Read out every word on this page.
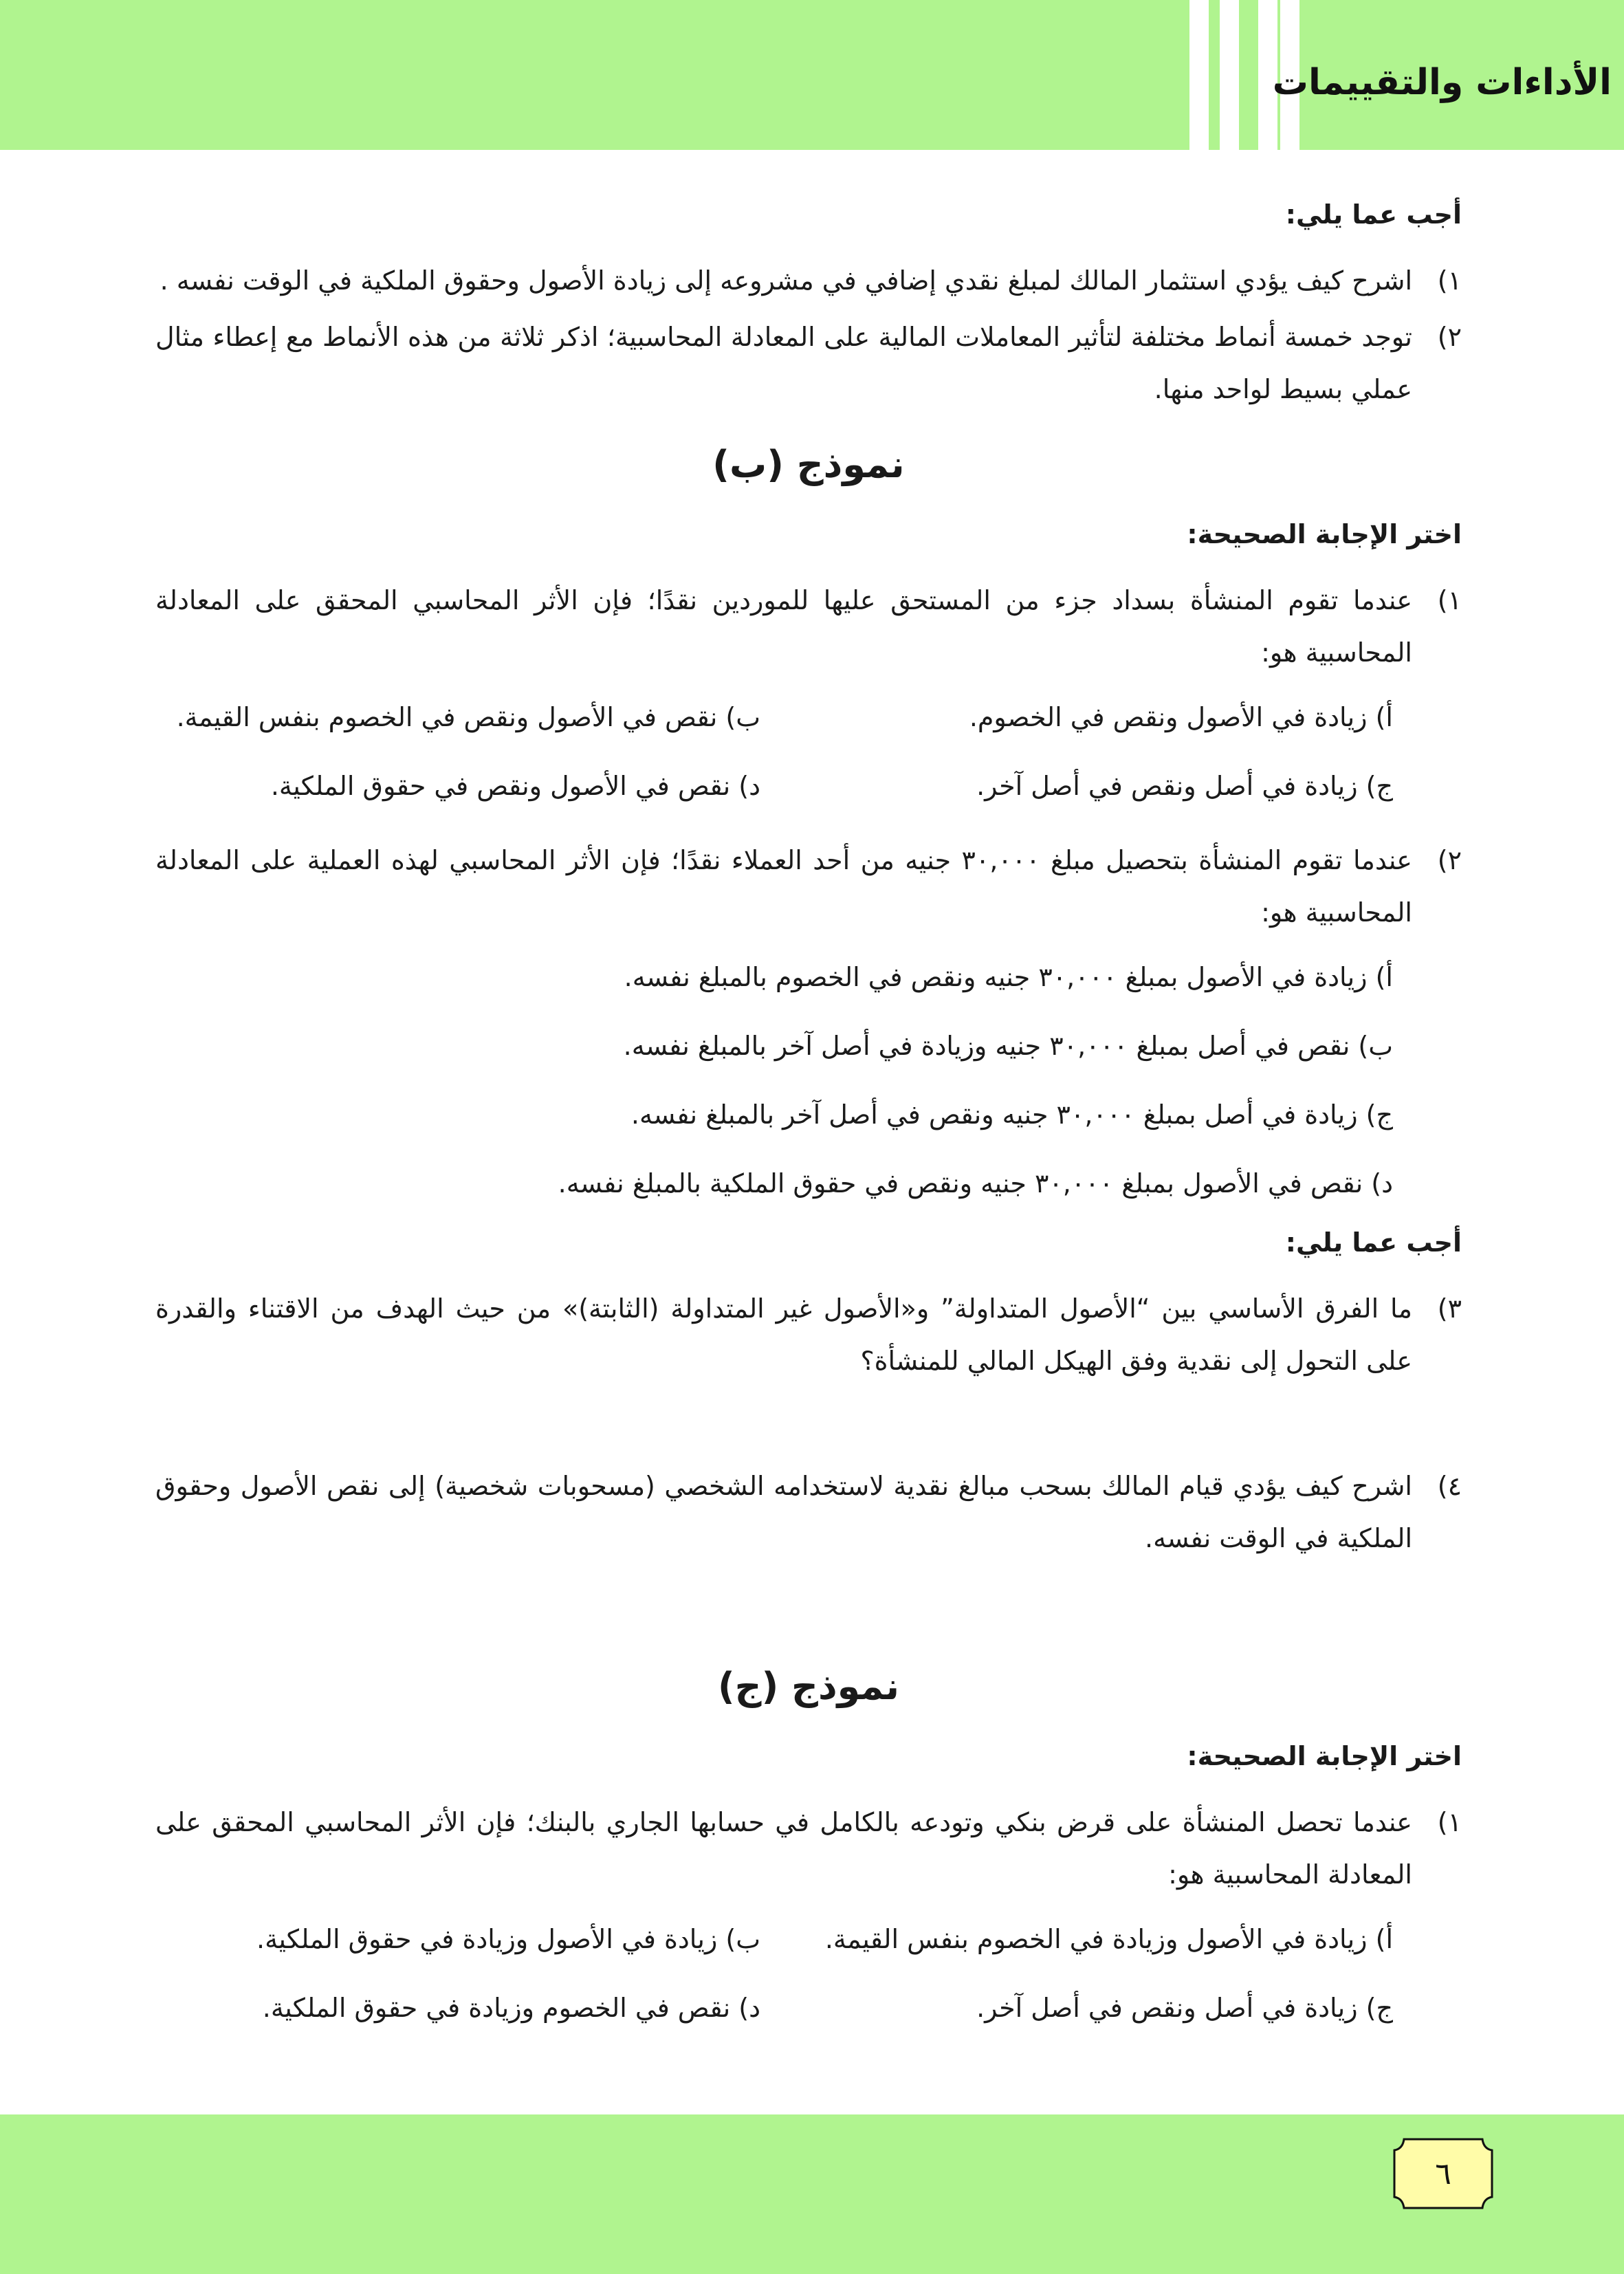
الأداءات والتقييمات
أجب عما يلي:
١)
اشرح كيف يؤدي استثمار المالك لمبلغ نقدي إضافي في مشروعه إلى زيادة الأصول وحقوق الملكية في الوقت نفسه .
٢)
توجد خمسة أنماط مختلفة لتأثير المعاملات المالية على المعادلة المحاسبية؛ اذكر ثلاثة من هذه الأنماط مع إعطاء مثال عملي بسيط لواحد منها.
نموذج (ب)
اختر الإجابة الصحيحة:
١)
عندما تقوم المنشأة بسداد جزء من المستحق عليها للموردين نقدًا؛ فإن الأثر المحاسبي المحقق على المعادلة المحاسبية هو:
أ) زيادة في الأصول ونقص في الخصوم.
ب) نقص في الأصول ونقص في الخصوم بنفس القيمة.
ج) زيادة في أصل ونقص في أصل آخر.
د) نقص في الأصول ونقص في حقوق الملكية.
٢)
عندما تقوم المنشأة بتحصيل مبلغ ٣٠,٠٠٠ جنيه من أحد العملاء نقدًا؛ فإن الأثر المحاسبي لهذه العملية على المعادلة المحاسبية هو:
أ) زيادة في الأصول بمبلغ ٣٠,٠٠٠ جنيه ونقص في الخصوم بالمبلغ نفسه.
ب) نقص في أصل بمبلغ ٣٠,٠٠٠ جنيه وزيادة في أصل آخر بالمبلغ نفسه.
ج) زيادة في أصل بمبلغ ٣٠,٠٠٠ جنيه ونقص في أصل آخر بالمبلغ نفسه.
د) نقص في الأصول بمبلغ ٣٠,٠٠٠ جنيه ونقص في حقوق الملكية بالمبلغ نفسه.
أجب عما يلي:
٣)
ما الفرق الأساسي بين “الأصول المتداولة” و«الأصول غير المتداولة (الثابتة)» من حيث الهدف من الاقتناء والقدرة على التحول إلى نقدية وفق الهيكل المالي للمنشأة؟
٤)
اشرح كيف يؤدي قيام المالك بسحب مبالغ نقدية لاستخدامه الشخصي (مسحوبات شخصية) إلى نقص الأصول وحقوق الملكية في الوقت نفسه.
نموذج (ج)
اختر الإجابة الصحيحة:
١)
عندما تحصل المنشأة على قرض بنكي وتودعه بالكامل في حسابها الجاري بالبنك؛ فإن الأثر المحاسبي المحقق على المعادلة المحاسبية هو:
أ) زيادة في الأصول وزيادة في الخصوم بنفس القيمة.
ب) زيادة في الأصول وزيادة في حقوق الملكية.
ج) زيادة في أصل ونقص في أصل آخر.
د) نقص في الخصوم وزيادة في حقوق الملكية.
٦
